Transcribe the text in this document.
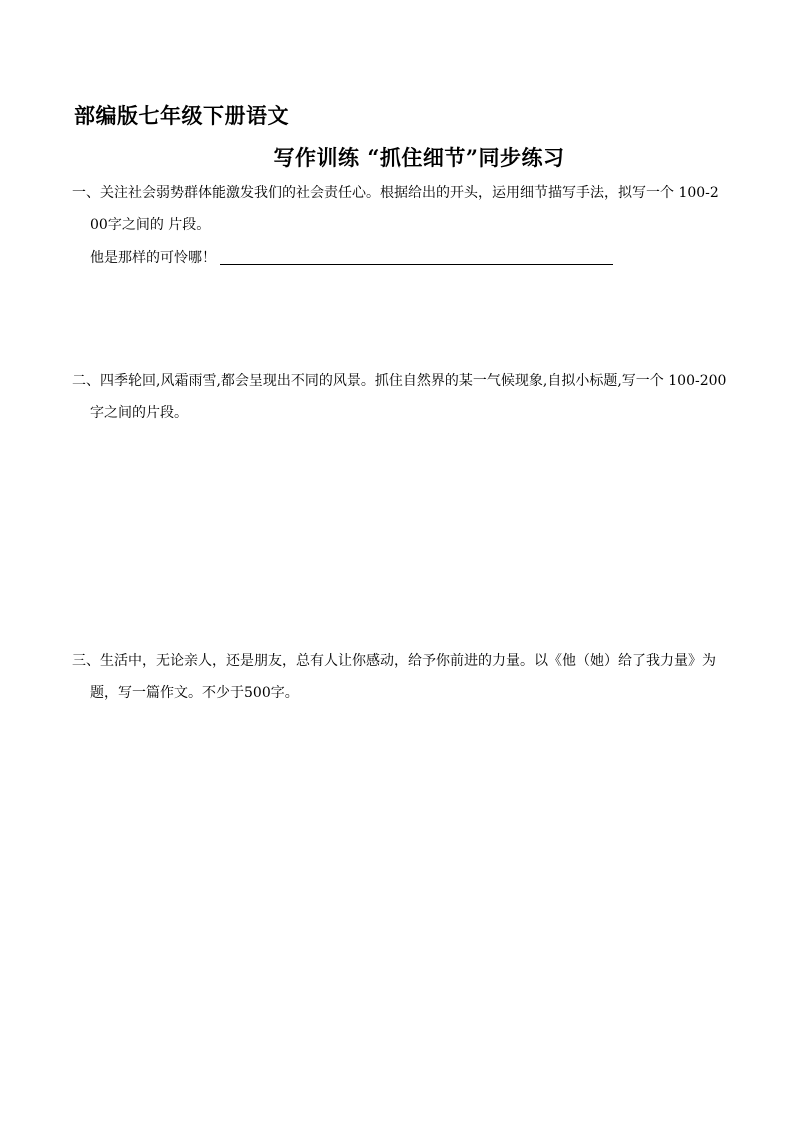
部编版七年级下册语文
写作训练 “抓住细节”同步练习
一、关注社会弱势群体能激发我们的社会责任心。根据给出的开头，运用细节描写手法，拟写一个 100-2
00字之间的 片段。
他是那样的可怜哪！
二、四季轮回,风霜雨雪,都会呈现出不同的风景。抓住自然界的某一气候现象,自拟小标题,写一个 100-200
字之间的片段。
三、生活中，无论亲人，还是朋友，总有人让你感动，给予你前进的力量。以《他（她）给了我力量》为
题，写一篇作文。不少于500字。
